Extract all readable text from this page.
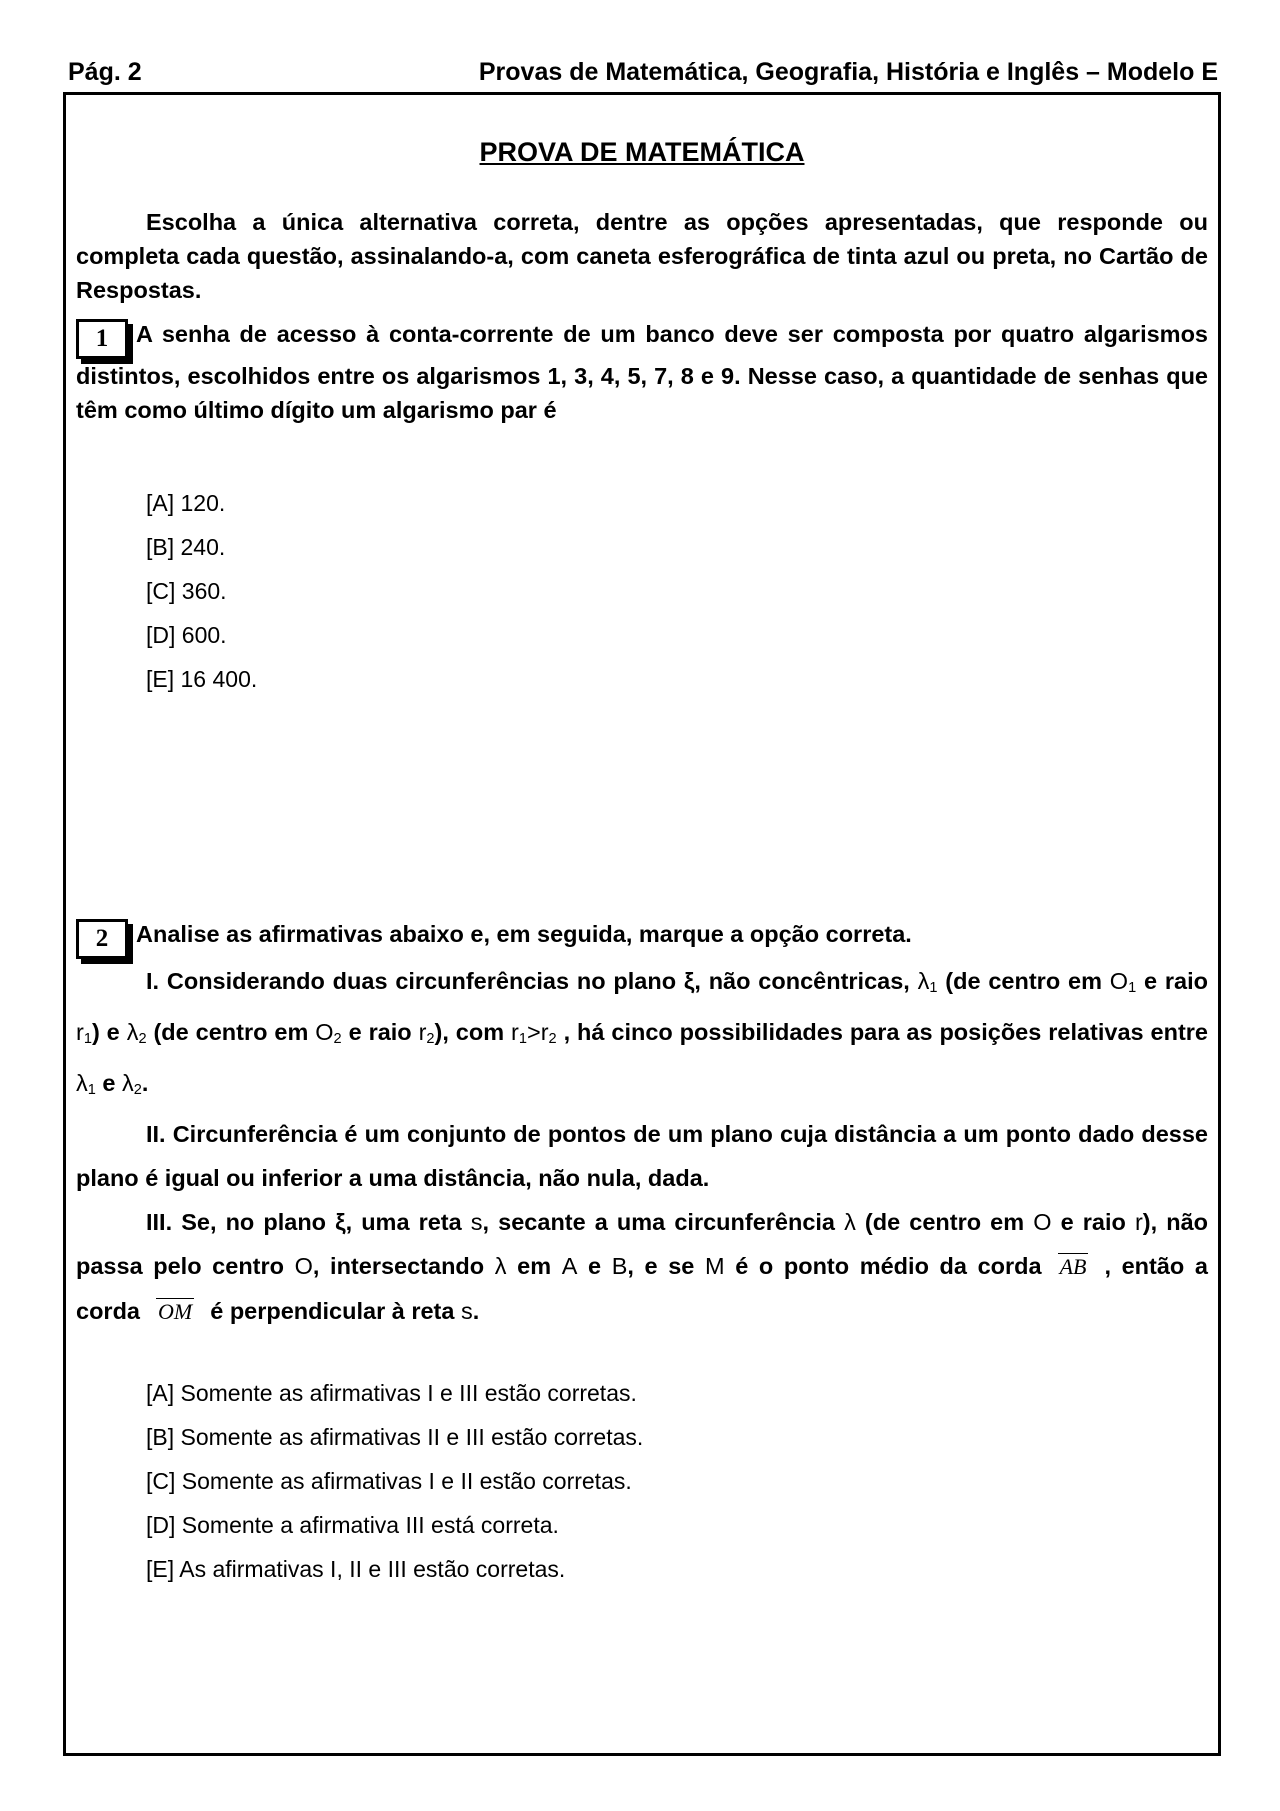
Pág. 2	Provas de Matemática, Geografia, História e Inglês – Modelo E
PROVA DE MATEMÁTICA
Escolha a única alternativa correta, dentre as opções apresentadas, que responde ou completa cada questão, assinalando-a, com caneta esferográfica de tinta azul ou preta, no Cartão de Respostas.
1 A senha de acesso à conta-corrente de um banco deve ser composta por quatro algarismos distintos, escolhidos entre os algarismos 1, 3, 4, 5, 7, 8 e 9. Nesse caso, a quantidade de senhas que têm como último dígito um algarismo par é
[A] 120.
[B] 240.
[C] 360.
[D] 600.
[E] 16 400.

2 Analise as afirmativas abaixo e, em seguida, marque a opção correta.

I. Considerando duas circunferências no plano ξ, não concêntricas, $\lambda_1$ (de centro em $O_1$ e raio $r_1$) e $\lambda_2$ (de centro em $O_2$ e raio $r_2$), com $r_1>r_2$ , há cinco possibilidades para as posições relativas entre $\lambda_1$ e $\lambda_2$.

II. Circunferência é um conjunto de pontos de um plano cuja distância a um ponto dado desse plano é igual ou inferior a uma distância, não nula, dada.

III. Se, no plano ξ, uma reta s, secante a uma circunferência λ (de centro em O e raio r), não passa pelo centro O, intersectando λ em A e B, e se M é o ponto médio da corda AB , então a corda OM é perpendicular à reta s.

[A] Somente as afirmativas I e III estão corretas.
[B] Somente as afirmativas II e III estão corretas.
[C] Somente as afirmativas I e II estão corretas.
[D] Somente a afirmativa III está correta.
[E] As afirmativas I, II e III estão corretas.
